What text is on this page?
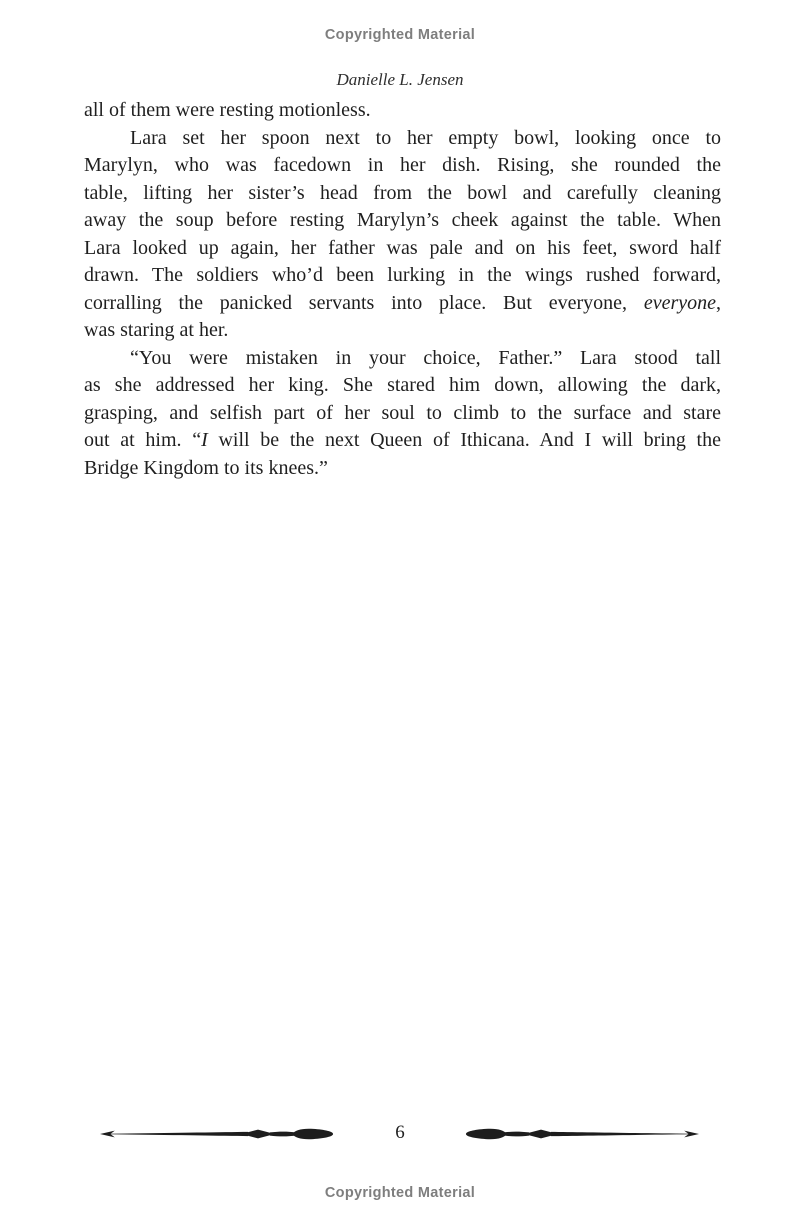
Copyrighted Material
Danielle L. Jensen
all of them were resting motionless.
Lara set her spoon next to her empty bowl, looking once to
Marylyn, who was facedown in her dish. Rising, she rounded the
table, lifting her sister’s head from the bowl and carefully cleaning
away the soup before resting Marylyn’s cheek against the table. When
Lara looked up again, her father was pale and on his feet, sword half
drawn. The soldiers who’d been lurking in the wings rushed forward,
corralling the panicked servants into place. But everyone, everyone,
was staring at her.
“You were mistaken in your choice, Father.” Lara stood tall
as she addressed her king. She stared him down, allowing the dark,
grasping, and selfish part of her soul to climb to the surface and stare
out at him. “I will be the next Queen of Ithicana. And I will bring the
Bridge Kingdom to its knees.”
6
Copyrighted Material
